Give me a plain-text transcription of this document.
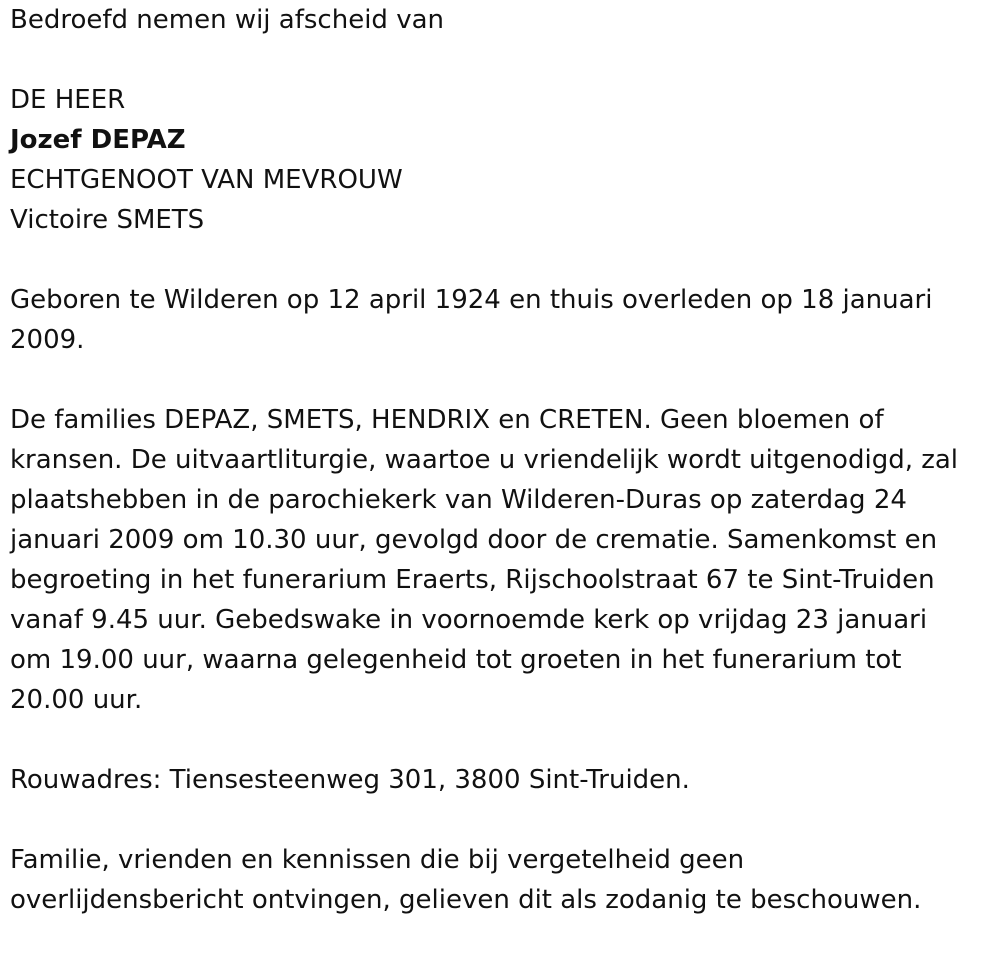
Bedroefd nemen wij afscheid van
DE HEER
Jozef DEPAZ
ECHTGENOOT VAN MEVROUW
Victoire SMETS
Geboren te Wilderen op 12 april 1924 en thuis overleden op 18 januari
2009.
De families DEPAZ, SMETS, HENDRIX en CRETEN. Geen bloemen of
kransen. De uitvaartliturgie, waartoe u vriendelijk wordt uitgenodigd, zal
plaatshebben in de parochiekerk van Wilderen-Duras op zaterdag 24
januari 2009 om 10.30 uur, gevolgd door de crematie. Samenkomst en
begroeting in het funerarium Eraerts, Rijschoolstraat 67 te Sint-Truiden
vanaf 9.45 uur. Gebedswake in voornoemde kerk op vrijdag 23 januari
om 19.00 uur, waarna gelegenheid tot groeten in het funerarium tot
20.00 uur.
Rouwadres: Tiensesteenweg 301, 3800 Sint-Truiden.
Familie, vrienden en kennissen die bij vergetelheid geen
overlijdensbericht ontvingen, gelieven dit als zodanig te beschouwen.
